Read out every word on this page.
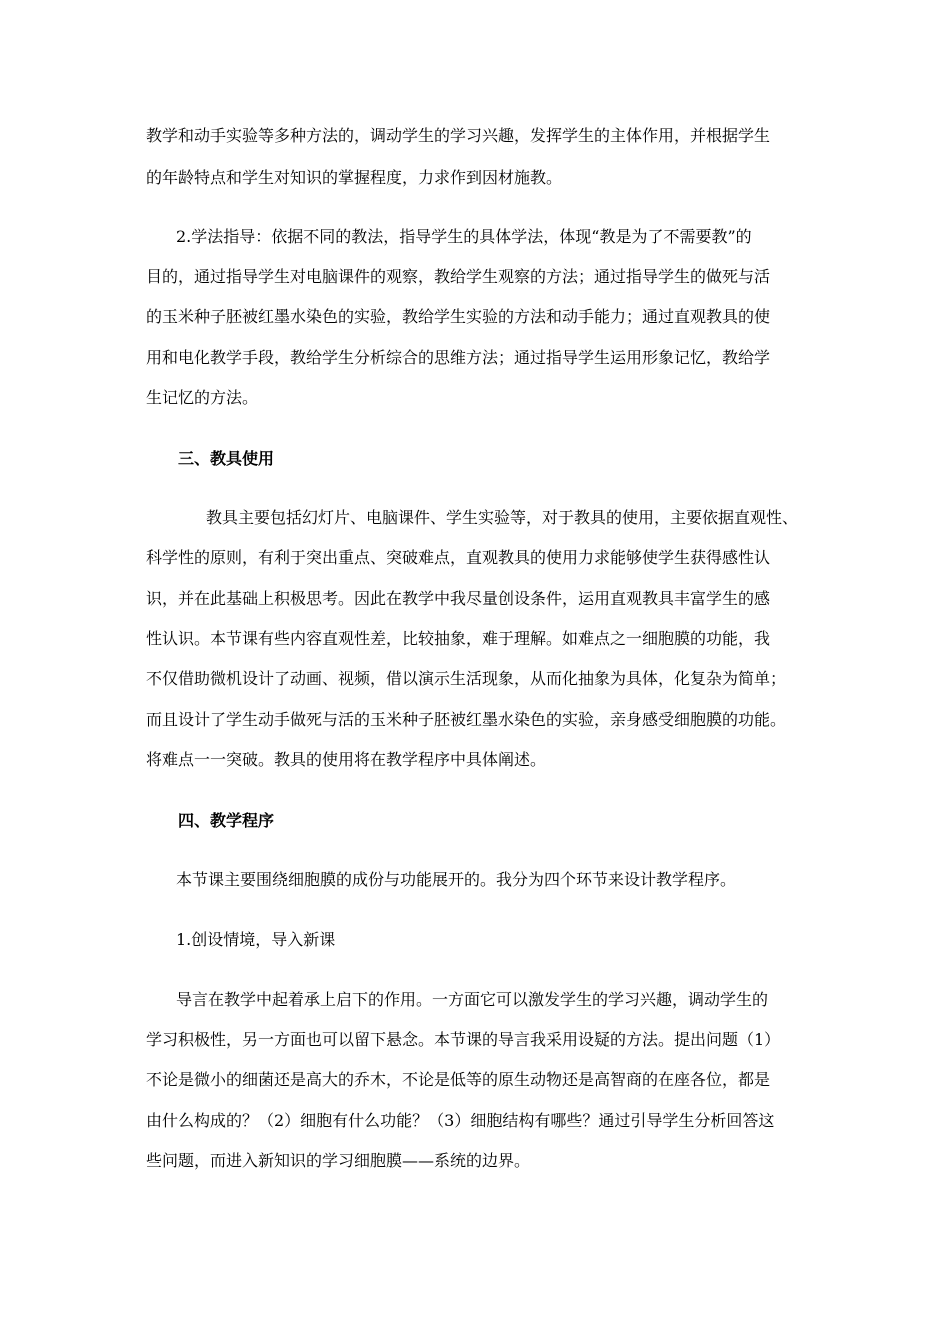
教学和动手实验等多种方法的，调动学生的学习兴趣，发挥学生的主体作用，并根据学生
的年龄特点和学生对知识的掌握程度，力求作到因材施教。
2.学法指导：依据不同的教法，指导学生的具体学法，体现“教是为了不需要教”的
目的，通过指导学生对电脑课件的观察，教给学生观察的方法；通过指导学生的做死与活
的玉米种子胚被红墨水染色的实验，教给学生实验的方法和动手能力；通过直观教具的使
用和电化教学手段，教给学生分析综合的思维方法；通过指导学生运用形象记忆，教给学
生记忆的方法。
三、教具使用
教具主要包括幻灯片、电脑课件、学生实验等，对于教具的使用，主要依据直观性、
科学性的原则，有利于突出重点、突破难点，直观教具的使用力求能够使学生获得感性认
识，并在此基础上积极思考。因此在教学中我尽量创设条件，运用直观教具丰富学生的感
性认识。本节课有些内容直观性差，比较抽象，难于理解。如难点之一细胞膜的功能，我
不仅借助微机设计了动画、视频，借以演示生活现象，从而化抽象为具体，化复杂为简单；
而且设计了学生动手做死与活的玉米种子胚被红墨水染色的实验，亲身感受细胞膜的功能。
将难点一一突破。教具的使用将在教学程序中具体阐述。
四、教学程序
本节课主要围绕细胞膜的成份与功能展开的。我分为四个环节来设计教学程序。
1.创设情境，导入新课
导言在教学中起着承上启下的作用。一方面它可以激发学生的学习兴趣，调动学生的
学习积极性，另一方面也可以留下悬念。本节课的导言我采用设疑的方法。提出问题（1）
不论是微小的细菌还是高大的乔木，不论是低等的原生动物还是高智商的在座各位，都是
由什么构成的？（2）细胞有什么功能？（3）细胞结构有哪些？通过引导学生分析回答这
些问题，而进入新知识的学习细胞膜——系统的边界。
